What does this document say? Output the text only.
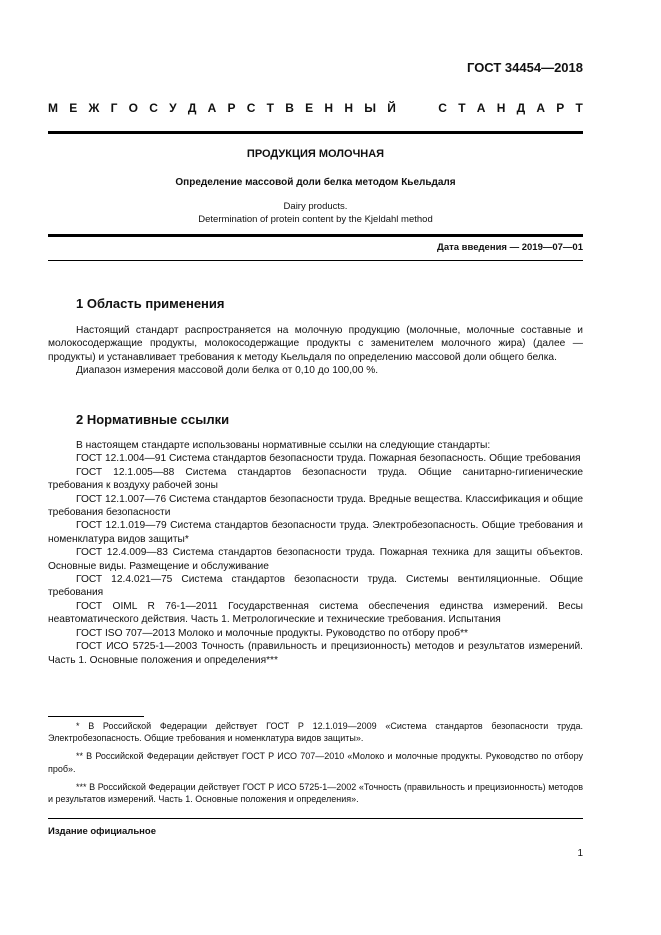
ГОСТ 34454—2018
М Е Ж Г О С У Д А Р С Т В Е Н Н Ы Й	С Т А Н Д А Р Т
ПРОДУКЦИЯ МОЛОЧНАЯ
Определение массовой доли белка методом Кьельдаля
Dairy products.
Determination of protein content by the Kjeldahl method
Дата введения — 2019—07—01
1 Область применения

Настоящий стандарт распространяется на молочную продукцию (молочные, молочные составные и молокосодержащие продукты, молокосодержащие продукты с заменителем молочного жира) (далее — продукты) и устанавливает требования к методу Кьельдаля по определению массовой доли общего белка.

Диапазон измерения массовой доли белка от 0,10 до 100,00 %.

2 Нормативные ссылки

В настоящем стандарте использованы нормативные ссылки на следующие стандарты:

ГОСТ 12.1.004—91 Система стандартов безопасности труда. Пожарная безопасность. Общие требования

ГОСТ 12.1.005—88 Система стандартов безопасности труда. Общие санитарно-гигиенические требования к воздуху рабочей зоны

ГОСТ 12.1.007—76 Система стандартов безопасности труда. Вредные вещества. Классификация и общие требования безопасности

ГОСТ 12.1.019—79 Система стандартов безопасности труда. Электробезопасность. Общие требования и номенклатура видов защиты*

ГОСТ 12.4.009—83 Система стандартов безопасности труда. Пожарная техника для защиты объектов. Основные виды. Размещение и обслуживание

ГОСТ 12.4.021—75 Система стандартов безопасности труда. Системы вентиляционные. Общие требования

ГОСТ OIML R 76-1—2011 Государственная система обеспечения единства измерений. Весы неавтоматического действия. Часть 1. Метрологические и технические требования. Испытания

ГОСТ ISO 707—2013 Молоко и молочные продукты. Руководство по отбору проб**

ГОСТ ИСО 5725-1—2003 Точность (правильность и прецизионность) методов и результатов измерений. Часть 1. Основные положения и определения***

* В Российской Федерации действует ГОСТ Р 12.1.019—2009 «Система стандартов безопасности труда. Электробезопасность. Общие требования и номенклатура видов защиты».

** В Российской Федерации действует ГОСТ Р ИСО 707—2010 «Молоко и молочные продукты. Руководство по отбору проб».

*** В Российской Федерации действует ГОСТ Р ИСО 5725-1—2002 «Точность (правильность и прецизионность) методов и результатов измерений. Часть 1. Основные положения и определения».

Издание официальное
1
